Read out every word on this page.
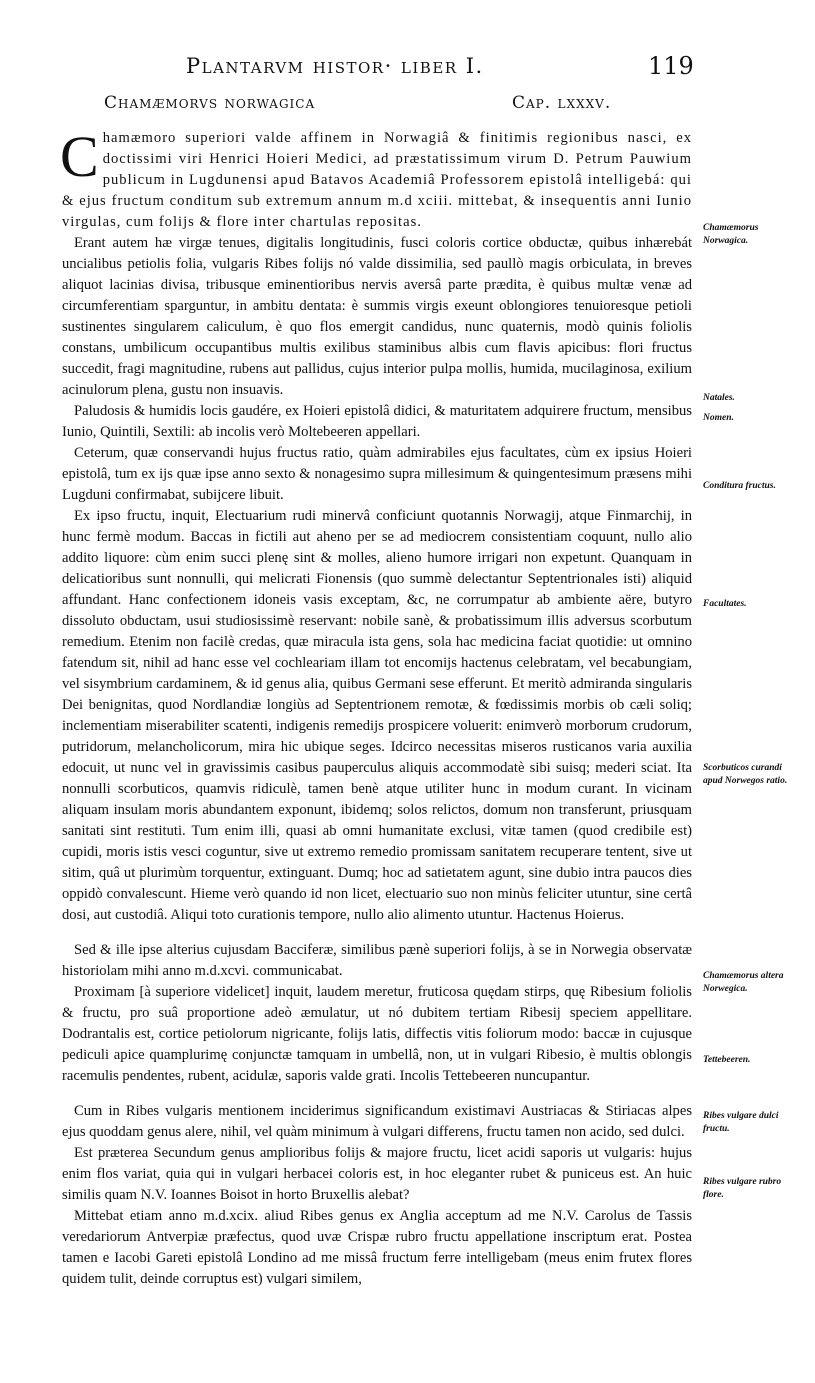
Plantarvm histor· liber I.	119
Chamæmorvs norwagica	Cap. lxxxv.

Chamæmoro superiori valde affinem in Norwagiâ & finitimis regionibus nasci, ex doctissimi viri Henrici Hoieri Medici, ad præstatissimum virum D. Petrum Pauwium publicum in Lugdunensi apud Batavos Academiâ Professorem epistolâ intelligebá: qui & ejus fructum conditum sub extremum annum m.d xciii. mittebat, & insequentis anni Iunio virgulas, cum folijs & flore inter chartulas repositas.

Erant autem hæ virgæ tenues, digitalis longitudinis, fusci coloris cortice obductæ, quibus inhærebát uncialibus petiolis folia, vulgaris Ribes folijs nó valde dissimilia, sed paullò magis orbiculata, in breves aliquot lacinias divisa, tribusque eminentioribus nervis aversâ parte prædita, è quibus multæ venæ ad circumferentiam sparguntur, in ambitu dentata: è summis virgis exeunt oblongiores tenuioresque petioli sustinentes singularem caliculum, è quo flos emergit candidus, nunc quaternis, modò quinis foliolis constans, umbilicum occupantibus multis exilibus staminibus albis cum flavis apicibus: flori fructus succedit, fragi magnitudine, rubens aut pallidus, cujus interior pulpa mollis, humida, mucilaginosa, exilium acinulorum plena, gustu non insuavis.

Paludosis & humidis locis gaudére, ex Hoieri epistolâ didici, & maturitatem adquirere fructum, mensibus Iunio, Quintili, Sextili: ab incolis verò Moltebeeren appellari.

Ceterum, quæ conservandi hujus fructus ratio, quàm admirabiles ejus facultates, cùm ex ipsius Hoieri epistolâ, tum ex ijs quæ ipse anno sexto & nonagesimo supra millesimum & quingentesimum præsens mihi Lugduni confirmabat, subijcere libuit.

Ex ipso fructu, inquit, Electuarium rudi minervâ conficiunt quotannis Norwagij, atque Finmarchij, in hunc fermè modum. Baccas in fictili aut aheno per se ad mediocrem consistentiam coquunt, nullo alio addito liquore: cùm enim succi plenę sint & molles, alieno humore irrigari non expetunt. Quanquam in delicatioribus sunt nonnulli, qui melicrati Fionensis (quo summè delectantur Septentrionales isti) aliquid affundant. Hanc confectionem idoneis vasis exceptam, &c, ne corrumpatur ab ambiente aëre, butyro dissoluto obductam, usui studiosissimè reservant: nobile sanè, & probatissimum illis adversus scorbutum remedium. Etenim non facilè credas, quæ miracula ista gens, sola hac medicina faciat quotidie: ut omnino fatendum sit, nihil ad hanc esse vel cochleariam illam tot encomijs hactenus celebratam, vel becabungiam, vel sisymbrium cardaminem, & id genus alia, quibus Germani sese efferunt. Et meritò admiranda singularis Dei benignitas, quod Nordlandiæ longiùs ad Septentrionem remotæ, & fœdissimis morbis ob cæli soliq; inclementiam miserabiliter scatenti, indigenis remedijs prospicere voluerit: enimverò morborum crudorum, putridorum, melancholicorum, mira hic ubique seges. Idcirco necessitas miseros rusticanos varia auxilia edocuit, ut nunc vel in gravissimis casibus pauperculus aliquis accommodatè sibi suisq; mederi sciat. Ita nonnulli scorbuticos, quamvis ridiculè, tamen benè atque utiliter hunc in modum curant. In vicinam aliquam insulam moris abundantem exponunt, ibidemq; solos relictos, domum non transferunt, priusquam sanitati sint restituti. Tum enim illi, quasi ab omni humanitate exclusi, vitæ tamen (quod credibile est) cupidi, moris istis vesci coguntur, sive ut extremo remedio promissam sanitatem recuperare tentent, sive ut sitim, quâ ut plurimùm torquentur, extinguant. Dumq; hoc ad satietatem agunt, sine dubio intra paucos dies oppidò convalescunt. Hieme verò quando id non licet, electuario suo non minùs feliciter utuntur, sine certâ dosi, aut custodiâ. Aliqui toto curationis tempore, nullo alio alimento utuntur. Hactenus Hoierus.

Sed & ille ipse alterius cujusdam Bacciferæ, similibus pænè superiori folijs, à se in Norwegia observatæ historiolam mihi anno m.d.xcvi. communicabat.

Proximam [à superiore videlicet] inquit, laudem meretur, fruticosa quędam stirps, quę Ribesium foliolis & fructu, pro suâ proportione adeò æmulatur, ut nó dubitem tertiam Ribesij speciem appellitare. Dodrantalis est, cortice petiolorum nigricante, folijs latis, diffectis vitis foliorum modo: baccæ in cujusque pediculi apice quamplurimę conjunctæ tamquam in umbellâ, non, ut in vulgari Ribesio, è multis oblongis racemulis pendentes, rubent, acidulæ, saporis valde grati. Incolis Tettebeeren nuncupantur.

Cum in Ribes vulgaris mentionem inciderimus significandum existimavi Austriacas & Stiriacas alpes ejus quoddam genus alere, nihil, vel quàm minimum à vulgari differens, fructu tamen non acido, sed dulci.

Est præterea Secundum genus amplioribus folijs & majore fructu, licet acidi saporis ut vulgaris: hujus enim flos variat, quia qui in vulgari herbacei coloris est, in hoc eleganter rubet & puniceus est. An huic similis quam N.V. Ioannes Boisot in horto Bruxellis alebat?

Mittebat etiam anno m.d.xcix. aliud Ribes genus ex Anglia acceptum ad me N.V. Carolus de Tassis veredariorum Antverpiæ præfectus, quod uvæ Crispæ rubro fructu appellatione inscriptum erat. Postea tamen e Iacobi Gareti epistolâ Londino ad me missâ fructum ferre intelligebam (meus enim frutex flores quidem tulit, deinde corruptus est) vulgari similem,

Chamæmorus Norwagica.
Natales.
Nomen.
Conditura fructus.
Facultates.
Scorbuticos curandi apud Norwegos ratio.
Chamæmorus altera Norwegica.
Tettebeeren.
Ribes vulgare dulci fructu.
Ribes vulgare rubro flore.
